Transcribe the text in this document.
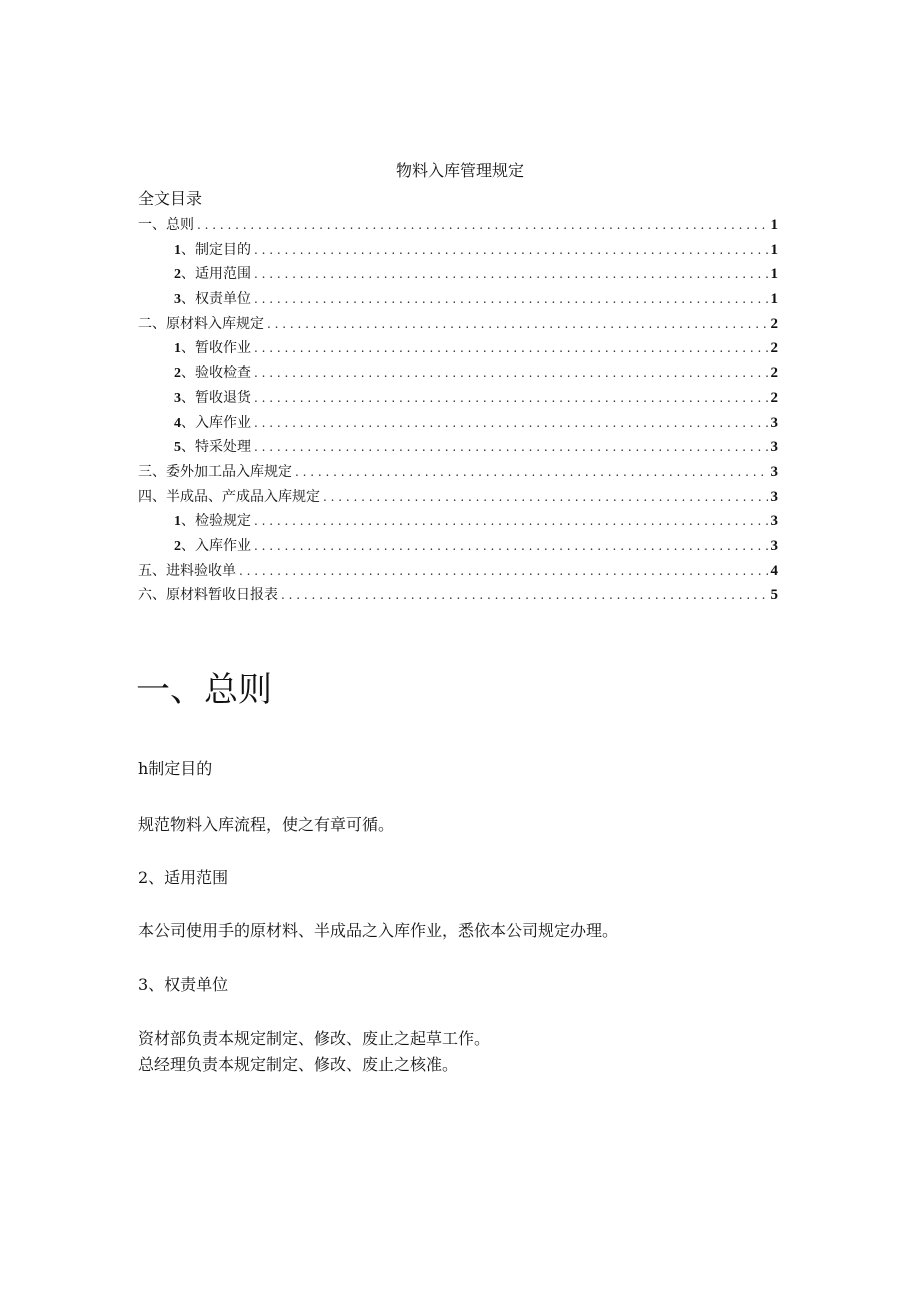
物料入库管理规定
全文目录
一、总则 . . .	1
1、制定目的 . . .	1
2、适用范围 . . .	1
3、权责单位 . . .	1
二、原材料入库规定 . . .	2
1、暂收作业 . . .	2
2、验收检查 . . .	2
3、暂收退货 . . .	2
4、入库作业 . . .	3
5、特采处理 . . .	3
三、委外加工品入库规定 . . .	3
四、半成品、产成品入库规定 . . .	3
1、检验规定 . . .	3
2、入库作业 . . .	3
五、进料验收单 . . .	4
六、原材料暂收日报表 . . .	5
一、总则

h制定目的

规范物料入库流程，使之有章可循。

2、适用范围

本公司使用手的原材料、半成品之入库作业，悉依本公司规定办理。

3、权责单位

资材部负责本规定制定、修改、废止之起草工作。

总经理负责本规定制定、修改、废止之核准。
